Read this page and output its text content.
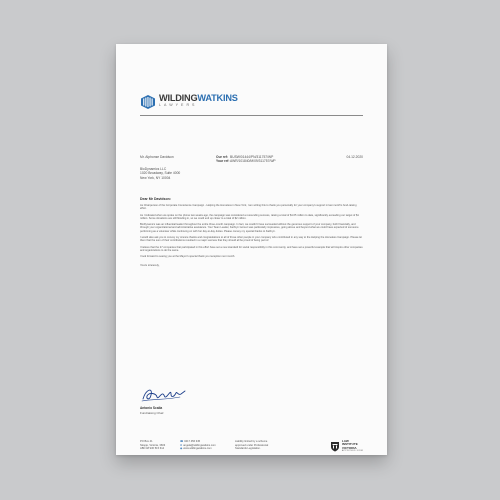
WILDINGWATKINS
LAWYERS
Mr. Alphonse Davidson	Our ref: BUSW/01444/PN/311757/WP
Your ref: AWR/101840/M/09/311757/WP
04.12.2020
BioDynamics LLC
1020 Broadway, Suite 4000
New York, NY 10004
Dear Mr Davidson:

As Chairperson of the Corporate Conscience Campaign - Helping the Homeless in New York, I am writing this to thank you personally for your company's support in last month's fund-raising effort.

As I indicated when we spoke on the phone two weeks ago, the campaign was considered a resounding success, raising a total of $1.65 million to date, significantly exceeding our target of $1 million. Some donations are still flooding in, so we could end up closer to a total of $2 million.

BioDynamics was an influential leader throughout the entire three-month campaign. In fact, we couldn't have succeeded without the generous support of your company, both financially, and through your organizational and administrative assistance. Your Team Leader, Kathryn Gomez was particularly impressive, going above and beyond what we could have expected of someone performing as a volunteer while continuing on with her day-to-day duties. Please convey my special thanks to Kathryn.

I would also ask you to convey my sincere thanks and congratulations to all of those other people in your company who contributed in any way to the Helping the Homeless Campaign. Please let them that the sum of their contributions resulted in a major success that they should all be proud of being part of.

I believe that the 27 companies that participated in this effort have set a new standard for social responsibility in this community, and have set a powerful example that will inspire other companies and organizations to do the same.

I look forward to seeing you at the Mayor's special thank you reception next month.

Yours sincerely,
Antonio Scalia
Fundraising Chair
PO Box 41
Skopje, Victoria, 3603
ABN 48 936 515 614
☎0417 456 345
✉angela@wildingwatkins.com
◉www.wildingwatkins.com
Liability limited by a scheme
approved under Professional
Standards Legislation.
LAW
INSTITUTE
VICTORIA
APPROVED FIRM
